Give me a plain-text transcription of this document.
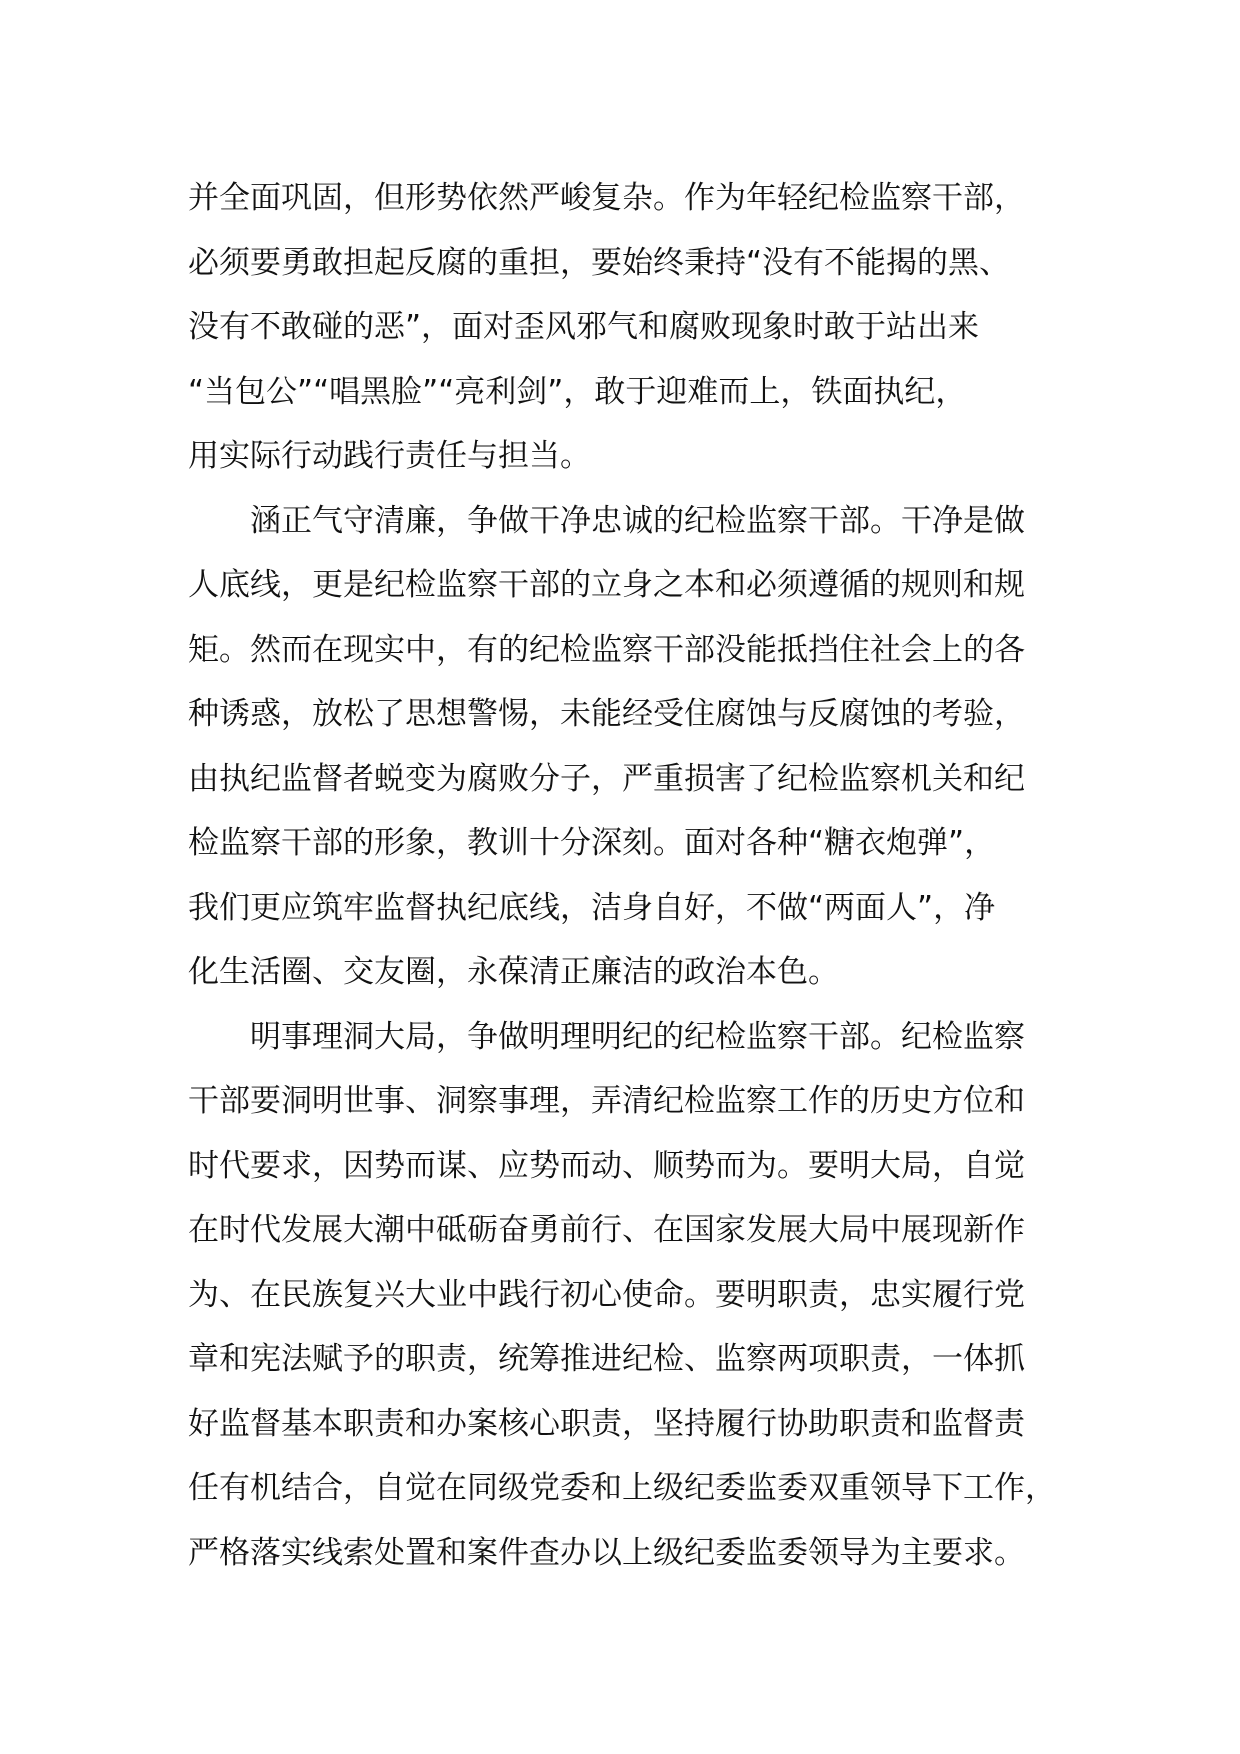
并全面巩固，但形势依然严峻复杂。作为年轻纪检监察干部，
必须要勇敢担起反腐的重担，要始终秉持“没有不能揭的黑、
没有不敢碰的恶”，面对歪风邪气和腐败现象时敢于站出来
“当包公”“唱黑脸”“亮利剑”，敢于迎难而上，铁面执纪，
用实际行动践行责任与担当。
　　涵正气守清廉，争做干净忠诚的纪检监察干部。干净是做
人底线，更是纪检监察干部的立身之本和必须遵循的规则和规
矩。然而在现实中，有的纪检监察干部没能抵挡住社会上的各
种诱惑，放松了思想警惕，未能经受住腐蚀与反腐蚀的考验，
由执纪监督者蜕变为腐败分子，严重损害了纪检监察机关和纪
检监察干部的形象，教训十分深刻。面对各种“糖衣炮弹”，
我们更应筑牢监督执纪底线，洁身自好，不做“两面人”，净
化生活圈、交友圈，永葆清正廉洁的政治本色。
　　明事理洞大局，争做明理明纪的纪检监察干部。纪检监察
干部要洞明世事、洞察事理，弄清纪检监察工作的历史方位和
时代要求，因势而谋、应势而动、顺势而为。要明大局，自觉
在时代发展大潮中砥砺奋勇前行、在国家发展大局中展现新作
为、在民族复兴大业中践行初心使命。要明职责，忠实履行党
章和宪法赋予的职责，统筹推进纪检、监察两项职责，一体抓
好监督基本职责和办案核心职责，坚持履行协助职责和监督责
任有机结合，自觉在同级党委和上级纪委监委双重领导下工作，
严格落实线索处置和案件查办以上级纪委监委领导为主要求。
